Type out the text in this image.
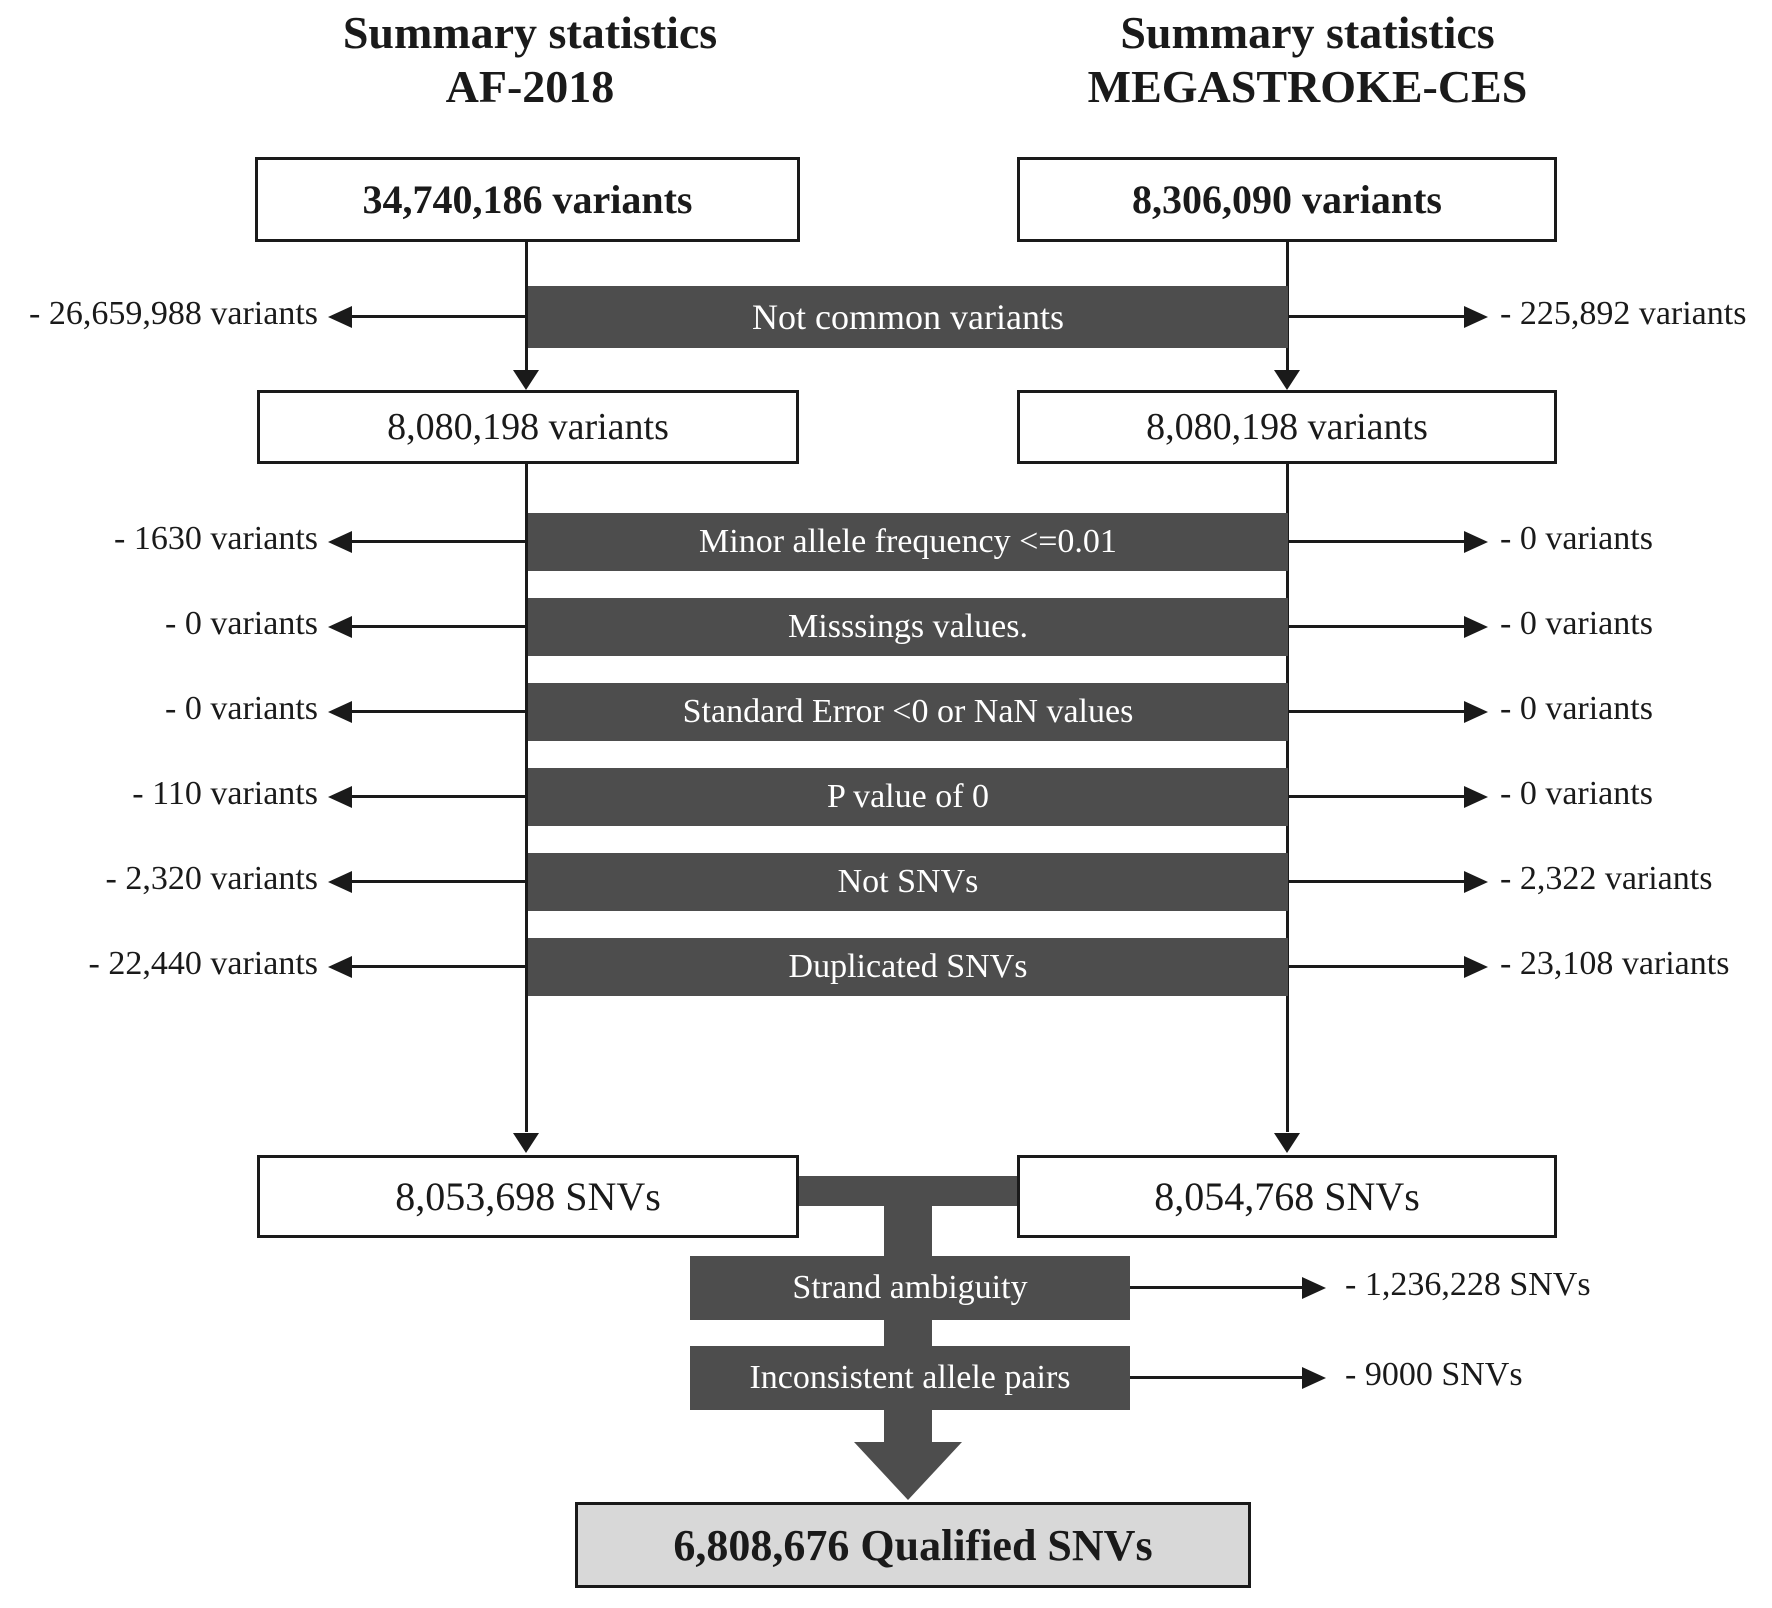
Summary statistics
AF-2018
Summary statistics
MEGASTROKE-CES
34,740,186 variants	8,306,090 variants
Not common variants
- 26,659,988 variants	- 225,892 variants
8,080,198 variants	8,080,198 variants
Minor allele frequency <=0.01
- 1630 variants	- 0 variants
Misssings values.
- 0 variants	- 0 variants
Standard Error <0 or NaN values
- 0 variants	- 0 variants
P value of 0
- 110 variants	- 0 variants
Not SNVs
- 2,320 variants	- 2,322 variants
Duplicated SNVs
- 22,440 variants	- 23,108 variants
8,053,698 SNVs	8,054,768 SNVs
Strand ambiguity	- 1,236,228 SNVs
Inconsistent allele pairs	- 9000 SNVs
6,808,676 Qualified SNVs
